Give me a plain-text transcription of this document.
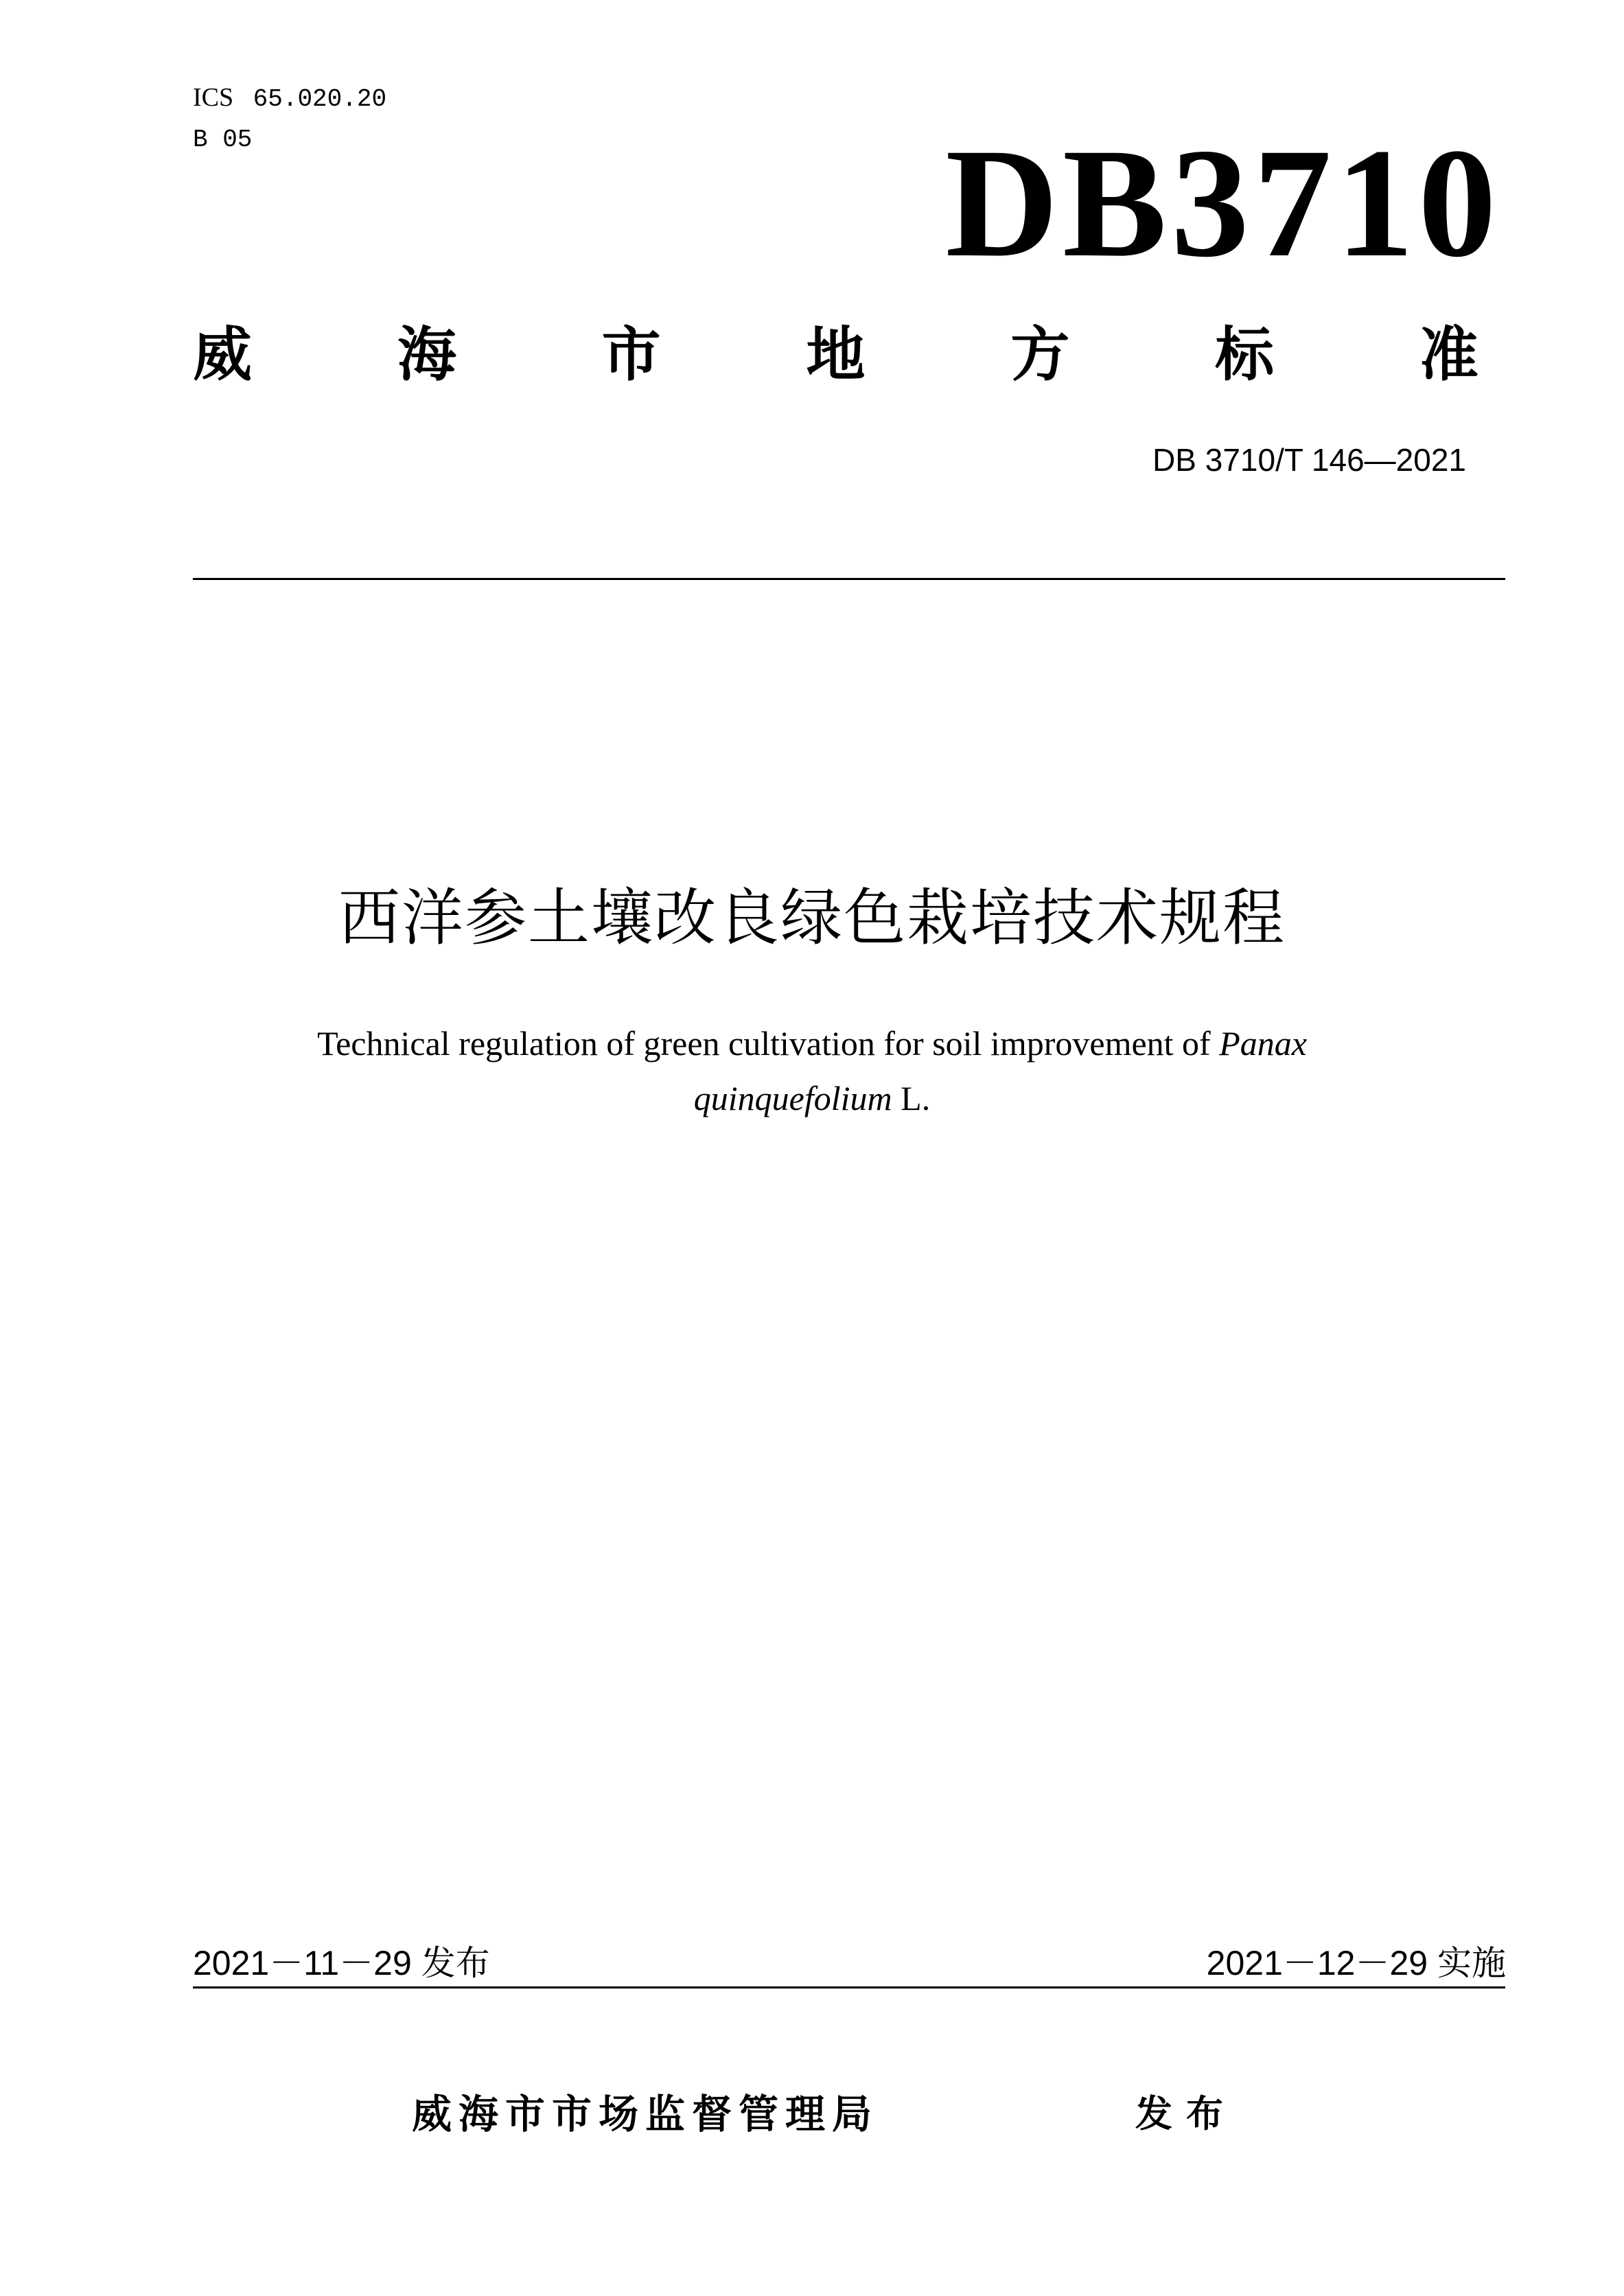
ICS 65.020.20
B 05	DB3710
威 海 市 地 方 标 准
DB 3710/T 146—2021
西洋参土壤改良绿色栽培技术规程
Technical regulation of green cultivation for soil improvement of Panax
quinquefolium L.
2021－11－29 发布	2021－12－29 实施
威海市市场监督管理局	发布
